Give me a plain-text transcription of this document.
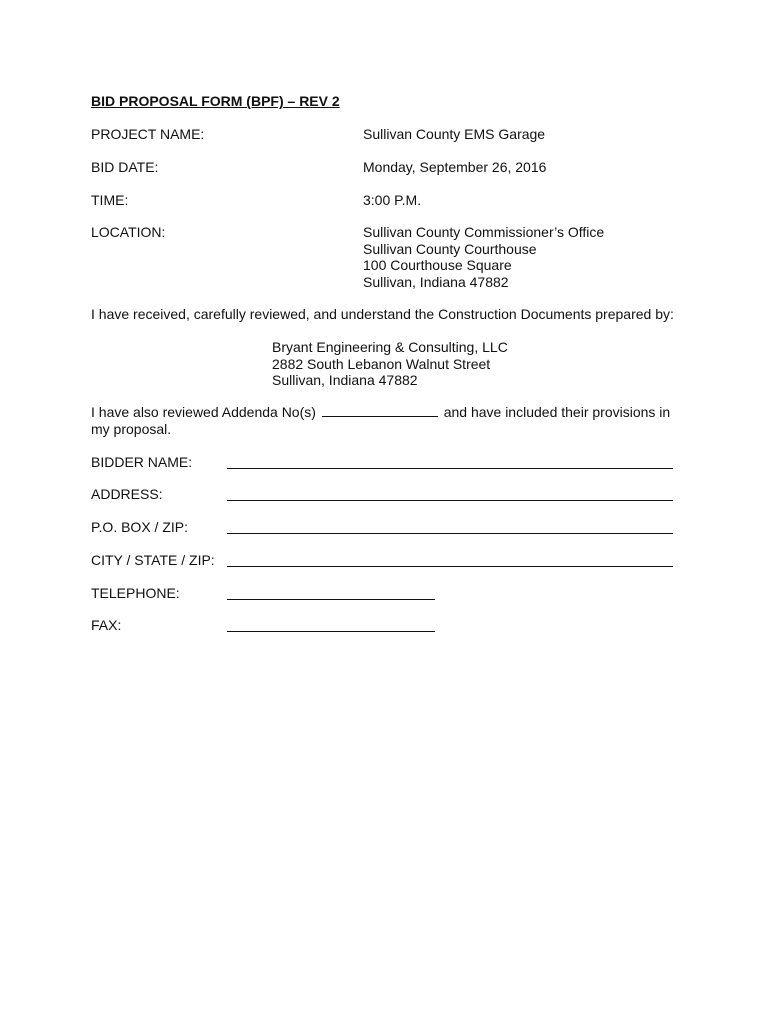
BID PROPOSAL FORM (BPF) – REV 2
PROJECT NAME:	Sullivan County EMS Garage
BID DATE:	Monday, September 26, 2016
TIME:	3:00 P.M.
LOCATION:	Sullivan County Commissioner’s Office
Sullivan County Courthouse
100 Courthouse Square
Sullivan, Indiana 47882
I have received, carefully reviewed, and understand the Construction Documents prepared by:
Bryant Engineering & Consulting, LLC
2882 South Lebanon Walnut Street
Sullivan, Indiana 47882
I have also reviewed Addenda No(s)	and have included their provisions in
my proposal.
BIDDER NAME:
ADDRESS:
P.O. BOX / ZIP:
CITY / STATE / ZIP:
TELEPHONE:
FAX:
